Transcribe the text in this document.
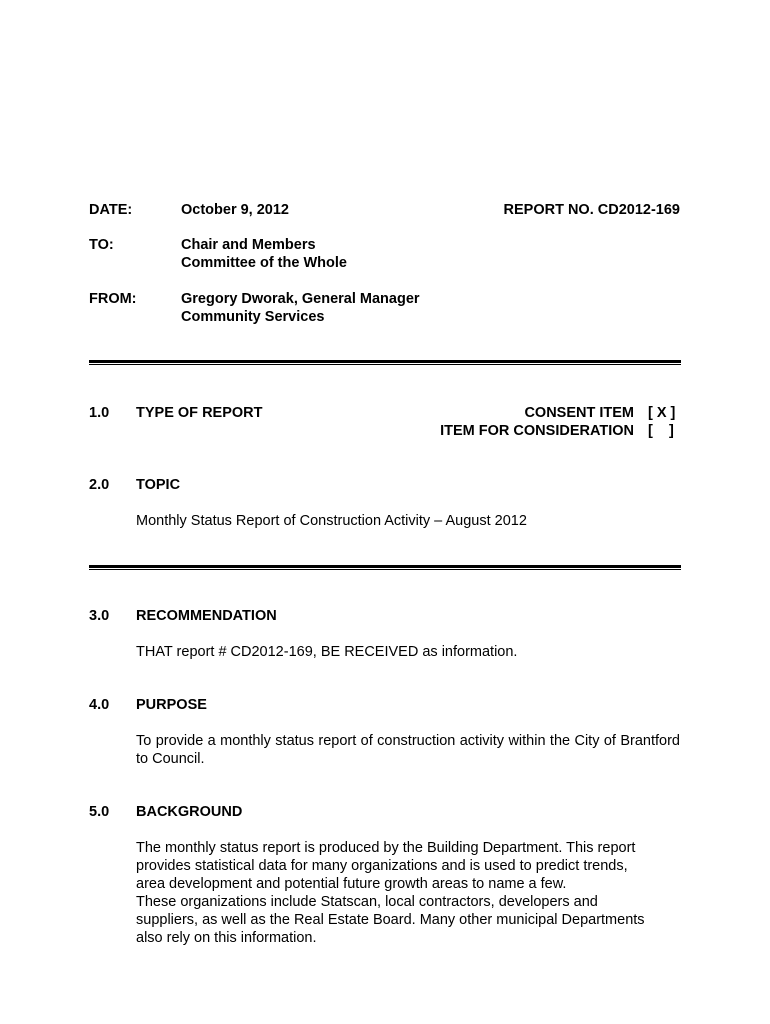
DATE:	October 9, 2012	REPORT NO. CD2012-169
TO:	Chair and Members
Committee of the Whole
FROM:	Gregory Dworak, General Manager
Community Services
1.0 TYPE OF REPORT	CONSENT ITEM [ X ]
ITEM FOR CONSIDERATION [    ]
2.0 TOPIC
Monthly Status Report of Construction Activity – August 2012
3.0 RECOMMENDATION
THAT report # CD2012-169, BE RECEIVED as information.
4.0 PURPOSE
To provide a monthly status report of construction activity within the City of Brantford to Council.
5.0 BACKGROUND
The monthly status report is produced by the Building Department. This report
provides statistical data for many organizations and is used to predict trends,
area development and potential future growth areas to name a few.
These organizations include Statscan, local contractors, developers and
suppliers, as well as the Real Estate Board. Many other municipal Departments
also rely on this information.
